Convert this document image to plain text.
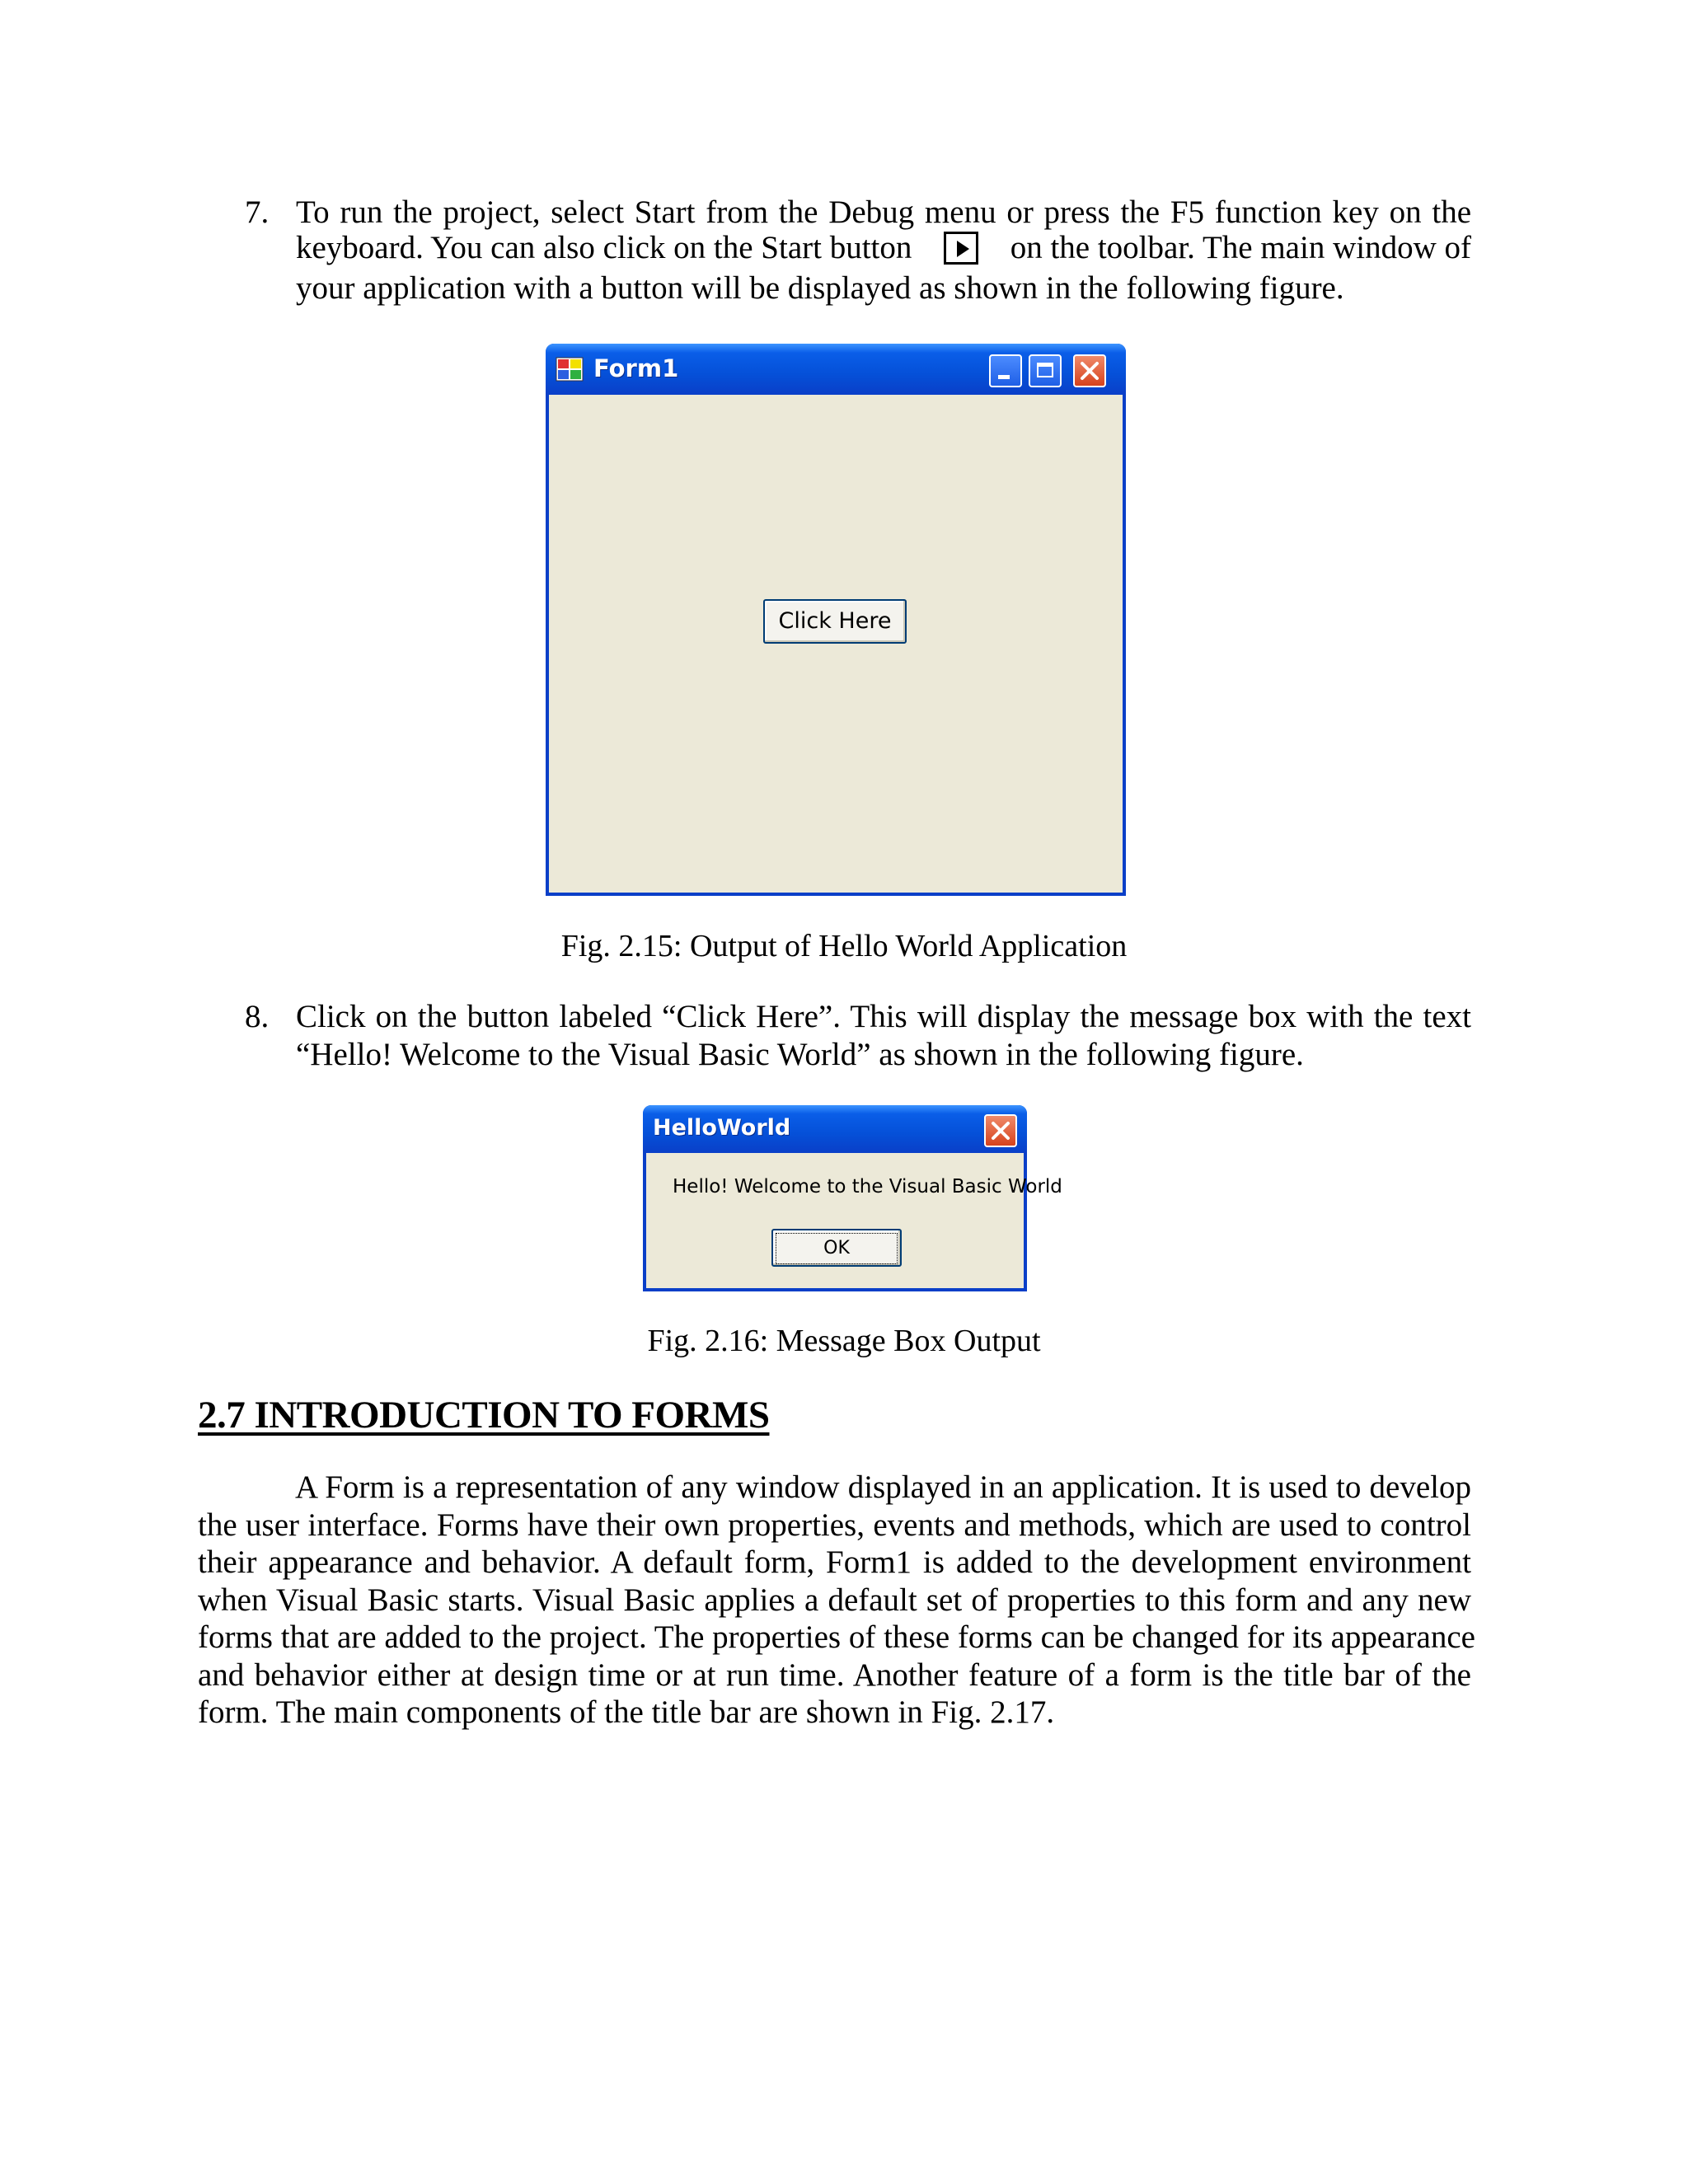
7. To run the project, select Start from the Debug menu or press the F5 function key on the
keyboard. You can also click on the Start button	on the toolbar. The main window of
your application with a button will be displayed as shown in the following figure.
Form1
Click Here
Fig. 2.15: Output of Hello World Application
8. Click on the button labeled “Click Here”. This will display the message box with the text
“Hello! Welcome to the Visual Basic World” as shown in the following figure.
HelloWorld
Hello! Welcome to the Visual Basic World
OK
Fig. 2.16: Message Box Output
2.7 INTRODUCTION TO FORMS
A Form is a representation of any window displayed in an application. It is used to develop
the user interface. Forms have their own properties, events and methods, which are used to control
their appearance and behavior. A default form, Form1 is added to the development environment
when Visual Basic starts. Visual Basic applies a default set of properties to this form and any new
forms that are added to the project. The properties of these forms can be changed for its appearance
and behavior either at design time or at run time. Another feature of a form is the title bar of the
form. The main components of the title bar are shown in Fig. 2.17.
